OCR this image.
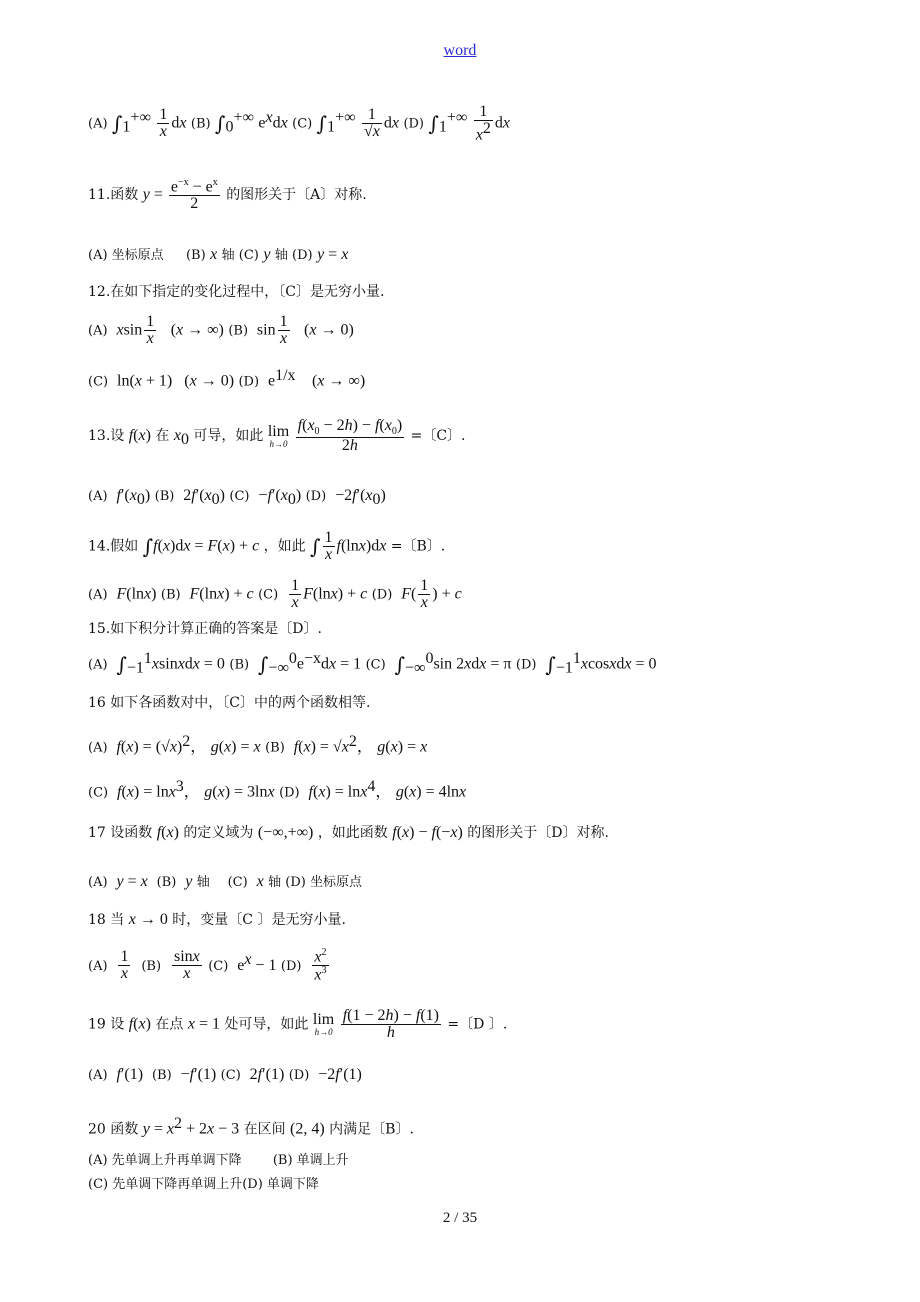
word
(A) $\int_1^{+\infty} \frac{1}{x}$ dx (B) $\int_0^{+\infty}$ $e^xdx$ (C) $\int_1^{+\infty} \frac{1}{√x}$ dx (D) $\int_1^{+\infty} \frac{1}{x^2}$ dx
11.函数 $y = \frac{e^{-x} - e^x}{2}$ 的图形关于〔A〕对称.
(A) 坐标原点 (B) x 轴 (C) y 轴 (D) y = x
12.在如下指定的变化过程中，〔C〕是无穷小量.
(A) xsin $\frac{1}{x} (x$ → ∞) (B) $\sin \frac{1}{x} (x \to 0)$
(C) ln(x + 1)   (x → 0) (D) $e^{1/x}$    (x → ∞)
13.设 f(x) 在 $x_0$ 可导，如此 lim
h→0
$\frac{f(x_0 - 2h) - f(x_0)}{2h}$ =〔C〕.
(A) $f'(x_0)$ (B) $2f'(x_0)$ $(C) -f'(x_0)$ $(D) -2f'(x_0)$
14.假如 ∫f(x)dx = F(x) + c ，如此 ∫ $\frac{1}{x} f(\ln x)dx$ =〔B〕.
(A) F(lnx) (B) F(lnx) + c $(C) \frac{1}{x} F(\ln x) + c$ (D) $F( \frac{1}{x}$ ) + c
15.如下积分计算正确的答案是〔D〕.
(A) $\int_{-1}^1xsinxdx = 0$ (B) $\int_{-\infty}^0e^{-x}dx = 1$ (C) $\int_{-\infty}^0\sin$ 2xdx = π (D) $\int_{-1}^1xcosxdx = 0$
16 如下各函数对中，〔C〕中的两个函数相等.
(A) $f(x) = (√x)^2$， g(x) = x (B) $f(x) = √x^2$， g(x) = x
(C) f(x) = lnx$^3$， g(x) = 3lnx (D) f(x) = lnx$^4$， g(x) = 4lnx
17 设函数 f(x) 的定义域为 (−∞,+∞) ，如此函数 f(x) − f(−x) 的图形关于〔D〕对称.
(A) y = x (B) y 轴 (C) x 轴 (D) 坐标原点
18 当 x → 0 时，变量〔C 〕是无穷小量.
$(A) \frac{1}{x} (B) \frac{\sin x}{x} (C) e^x - 1$ $(D) \frac{x^2}{x^3}$
19 设 f(x) 在点 x = 1 处可导，如此 lim
h→0
$\frac{f(1 - 2h) - f(1)}{h}$ =〔D 〕.
(A) f′(1) (B) −f′(1) (C) 2f′(1) (D) −2f′(1)
20 函数 $y = x^2 + 2x - 3$ 在区间 (2, 4) 内满足〔B〕.
(A) 先单调上升再单调下降 (B) 单调上升
(C) 先单调下降再单调上升(D) 单调下降
2 / 35
